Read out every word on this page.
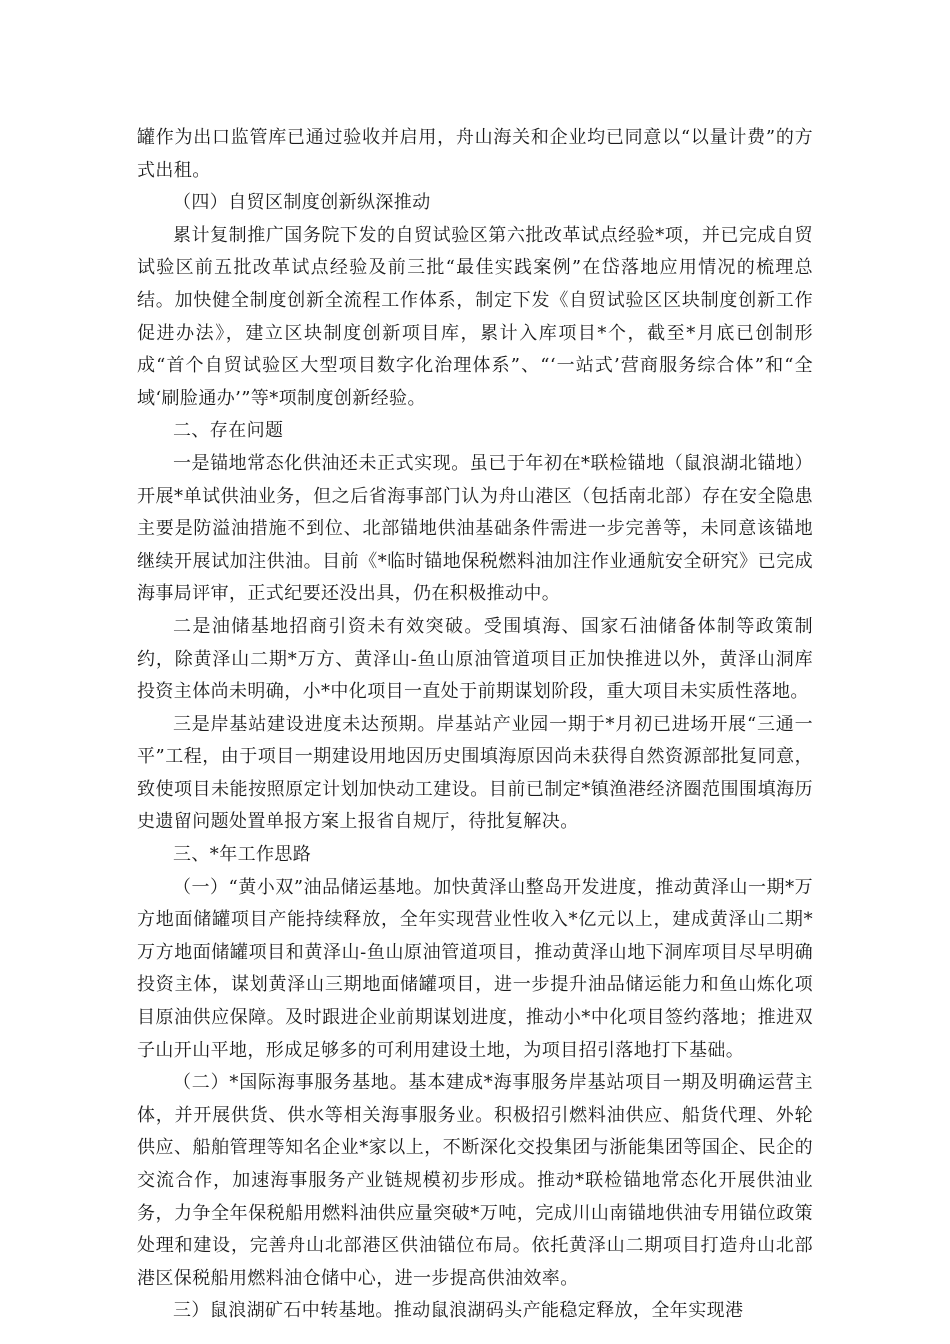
罐作为出口监管库已通过验收并启用，舟山海关和企业均已同意以“以量计费”的方式出租。

（四）自贸区制度创新纵深推动

累计复制推广国务院下发的自贸试验区第六批改革试点经验*项，并已完成自贸试验区前五批改革试点经验及前三批“最佳实践案例”在岱落地应用情况的梳理总结。加快健全制度创新全流程工作体系，制定下发《自贸试验区区块制度创新工作促进办法》，建立区块制度创新项目库，累计入库项目*个，截至*月底已创制形成“首个自贸试验区大型项目数字化治理体系”、“‘一站式’营商服务综合体”和“全域‘刷脸通办’”等*项制度创新经验。

二、存在问题

一是锚地常态化供油还未正式实现。虽已于年初在*联检锚地（鼠浪湖北锚地）开展*单试供油业务，但之后省海事部门认为舟山港区（包括南北部）存在安全隐患主要是防溢油措施不到位、北部锚地供油基础条件需进一步完善等，未同意该锚地继续开展试加注供油。目前《*临时锚地保税燃料油加注作业通航安全研究》已完成海事局评审，正式纪要还没出具，仍在积极推动中。

二是油储基地招商引资未有效突破。受围填海、国家石油储备体制等政策制约，除黄泽山二期*万方、黄泽山-鱼山原油管道项目正加快推进以外，黄泽山洞库投资主体尚未明确，小*中化项目一直处于前期谋划阶段，重大项目未实质性落地。

三是岸基站建设进度未达预期。岸基站产业园一期于*月初已进场开展“三通一平”工程，由于项目一期建设用地因历史围填海原因尚未获得自然资源部批复同意，致使项目未能按照原定计划加快动工建设。目前已制定*镇渔港经济圈范围围填海历史遗留问题处置单报方案上报省自规厅，待批复解决。

三、*年工作思路

（一）“黄小双”油品储运基地。加快黄泽山整岛开发进度，推动黄泽山一期*万方地面储罐项目产能持续释放，全年实现营业性收入*亿元以上，建成黄泽山二期*万方地面储罐项目和黄泽山-鱼山原油管道项目，推动黄泽山地下洞库项目尽早明确投资主体，谋划黄泽山三期地面储罐项目，进一步提升油品储运能力和鱼山炼化项目原油供应保障。及时跟进企业前期谋划进度，推动小*中化项目签约落地；推进双子山开山平地，形成足够多的可利用建设土地，为项目招引落地打下基础。

（二）*国际海事服务基地。基本建成*海事服务岸基站项目一期及明确运营主体，并开展供货、供水等相关海事服务业。积极招引燃料油供应、船货代理、外轮供应、船舶管理等知名企业*家以上，不断深化交投集团与浙能集团等国企、民企的交流合作，加速海事服务产业链规模初步形成。推动*联检锚地常态化开展供油业务，力争全年保税船用燃料油供应量突破*万吨，完成川山南锚地供油专用锚位政策处理和建设，完善舟山北部港区供油锚位布局。依托黄泽山二期项目打造舟山北部港区保税船用燃料油仓储中心，进一步提高供油效率。

三）鼠浪湖矿石中转基地。推动鼠浪湖码头产能稳定释放，全年实现港
